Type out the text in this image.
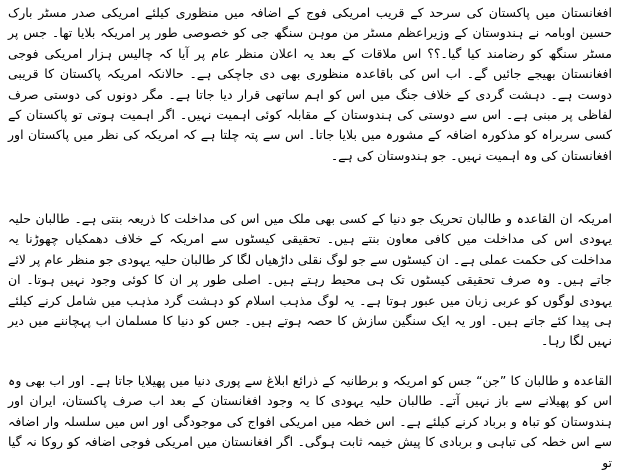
افغانستان میں پاکستان کی سرحد کے قریب امریکی فوج کے اضافہ میں منظوری کیلئے امریکی صدر مسٹر بارک حسین اوبامہ نے ہندوستان کے وزیراعظم مسٹر من موہن سنگھ جی کو خصوصی طور پر امریکہ بلایا تھا۔ جس پر مسٹر سنگھ کو رضامند کیا گیا۔؟؟ اس ملاقات کے بعد یہ اعلان منظر عام پر آیا کہ چالیس ہزار امریکی فوجی افغانستان بھیجے جائیں گے۔ اب اس کی باقاعدہ منظوری بھی دی جاچکی ہے۔ حالانکہ امریکہ پاکستان کا قریبی دوست ہے۔ دہشت گردی کے خلاف جنگ میں اس کو اہم ساتھی قرار دیا جاتا ہے۔ مگر دونوں کی دوستی صرف لفاظی پر مبنی ہے۔ اس سے دوستی کی ہندوستان کے مقابلہ کوئی اہمیت نہیں۔ اگر اہمیت ہوتی تو پاکستان کے کسی سربراہ کو مذکورہ اضافہ کے مشورہ میں بلایا جاتا۔ اس سے پتہ چلتا ہے کہ امریکہ کی نظر میں پاکستان اور افغانستان کی وہ اہمیت نہیں۔ جو ہندوستان کی ہے۔

امریکہ ان القاعدہ و طالبان تحریک جو دنیا کے کسی بھی ملک میں اس کی مداخلت کا ذریعہ بنتی ہے۔ طالبان حلیہ یہودی اس کی مداخلت میں کافی معاون بنتے ہیں۔ تحقیقی کیسٹوں سے امریکہ کے خلاف دھمکیاں چھوڑنا یہ مداخلت کی حکمت عملی ہے۔ ان کیسٹوں سے جو لوگ نقلی داڑھیاں لگا کر طالبان حلیہ یہودی جو منظر عام پر لائے جاتے ہیں۔ وہ صرف تحقیقی کیسٹوں تک ہی محیط رہتے ہیں۔ اصلی طور پر ان کا کوئی وجود نہیں ہوتا۔ ان یہودی لوگوں کو عربی زبان میں عبور ہوتا ہے۔ یہ لوگ مذہب اسلام کو دہشت گرد مذہب میں شامل کرنے کیلئے ہی پیدا کئے جاتے ہیں۔ اور یہ ایک سنگین سازش کا حصہ ہوتے ہیں۔ جس کو دنیا کا مسلمان اب پہچاننے میں دیر نہیں لگا رہا۔

القاعدہ و طالبان کا ”جن“ جس کو امریکہ و برطانیہ کے ذرائع ابلاغ سے پوری دنیا میں پھیلایا جاتا ہے۔ اور اب بھی وہ اس کو پھیلانے سے باز نہیں آتے۔ طالبان حلیہ یہودی کا یہ وجود افغانستان کے بعد اب صرف پاکستان، ایران اور ہندوستان کو تباہ و برباد کرنے کیلئے ہے۔ اس خطہ میں امریکی افواج کی موجودگی اور اس میں سلسلہ وار اضافہ سے اس خطہ کی تباہی و بربادی کا پیش خیمہ ثابت ہوگی۔ اگر افغانستان میں امریکی فوجی اضافہ کو روکا نہ گیا تو
